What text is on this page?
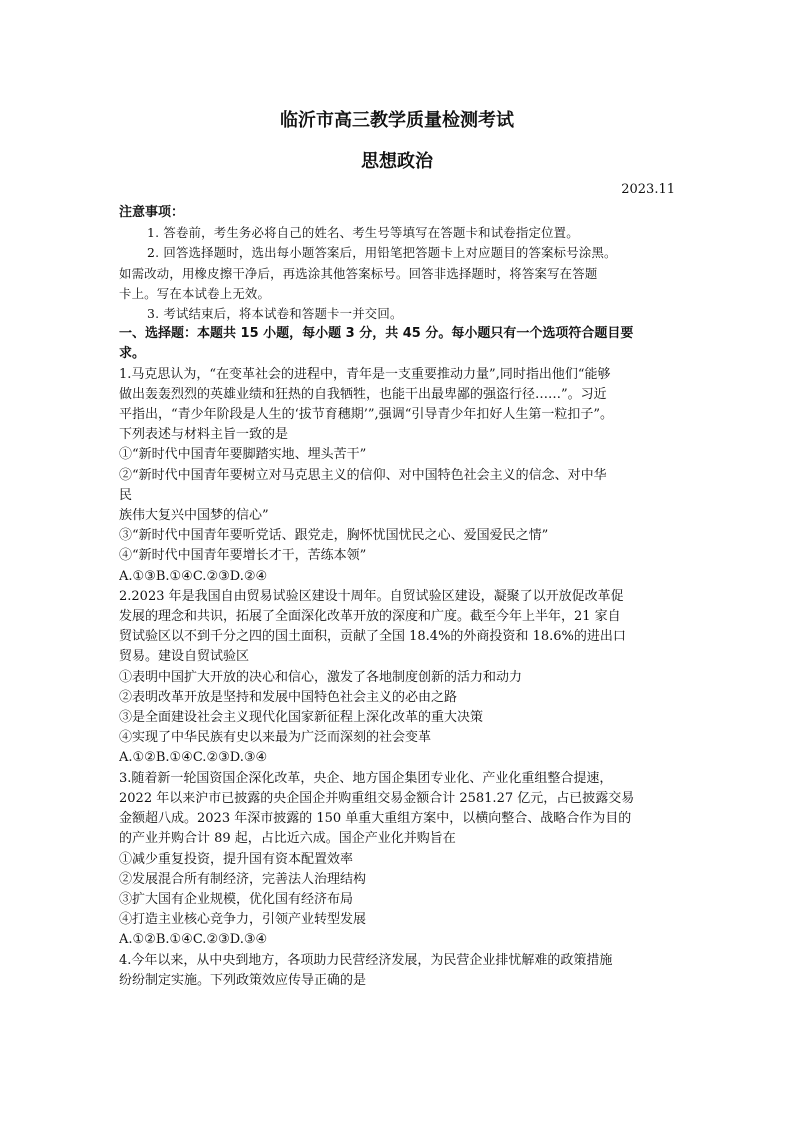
临沂市高三教学质量检测考试
思想政治
2023.11

注意事项：

1. 答卷前，考生务必将自己的姓名、考生号等填写在答题卡和试卷指定位置。

2. 回答选择题时，选出每小题答案后，用铅笔把答题卡上对应题目的答案标号涂黑。

如需改动，用橡皮擦干净后，再选涂其他答案标号。回答非选择题时，将答案写在答题

卡上。写在本试卷上无效。

3. 考试结束后，将本试卷和答题卡一并交回。

一、选择题：本题共 15 小题，每小题 3 分，共 45 分。每小题只有一个选项符合题目要

求。

1.马克思认为，“在变革社会的进程中，青年是一支重要推动力量”,同时指出他们“能够

做出轰轰烈烈的英雄业绩和狂热的自我牺牲，也能干出最卑鄙的强盗行径……”。习近

平指出，“青少年阶段是人生的‘拔节育穗期’”,强调“引导青少年扣好人生第一粒扣子”。

下列表述与材料主旨一致的是

①“新时代中国青年要脚踏实地、埋头苦干”

②“新时代中国青年要树立对马克思主义的信仰、对中国特色社会主义的信念、对中华

民

族伟大复兴中国梦的信心”

③“新时代中国青年要听党话、跟党走，胸怀忧国忧民之心、爱国爱民之情”

④“新时代中国青年要增长才干，苦练本领”

A.①③B.①④C.②③D.②④

2.2023 年是我国自由贸易试验区建设十周年。自贸试验区建设，凝聚了以开放促改革促

发展的理念和共识，拓展了全面深化改革开放的深度和广度。截至今年上半年，21 家自

贸试验区以不到千分之四的国土面积，贡献了全国 18.4%的外商投资和 18.6%的进出口

贸易。建设自贸试验区

①表明中国扩大开放的决心和信心，激发了各地制度创新的活力和动力

②表明改革开放是坚持和发展中国特色社会主义的必由之路

③是全面建设社会主义现代化国家新征程上深化改革的重大决策

④实现了中华民族有史以来最为广泛而深刻的社会变革

A.①②B.①④C.②③D.③④

3.随着新一轮国资国企深化改革，央企、地方国企集团专业化、产业化重组整合提速，

2022 年以来沪市已披露的央企国企并购重组交易金额合计 2581.27 亿元，占已披露交易

金额超八成。2023 年深市披露的 150 单重大重组方案中，以横向整合、战略合作为目的

的产业并购合计 89 起，占比近六成。国企产业化并购旨在

①减少重复投资，提升国有资本配置效率

②发展混合所有制经济，完善法人治理结构

③扩大国有企业规模，优化国有经济布局

④打造主业核心竞争力，引领产业转型发展

A.①②B.①④C.②③D.③④

4.今年以来，从中央到地方，各项助力民营经济发展，为民营企业排忧解难的政策措施

纷纷制定实施。下列政策效应传导正确的是
